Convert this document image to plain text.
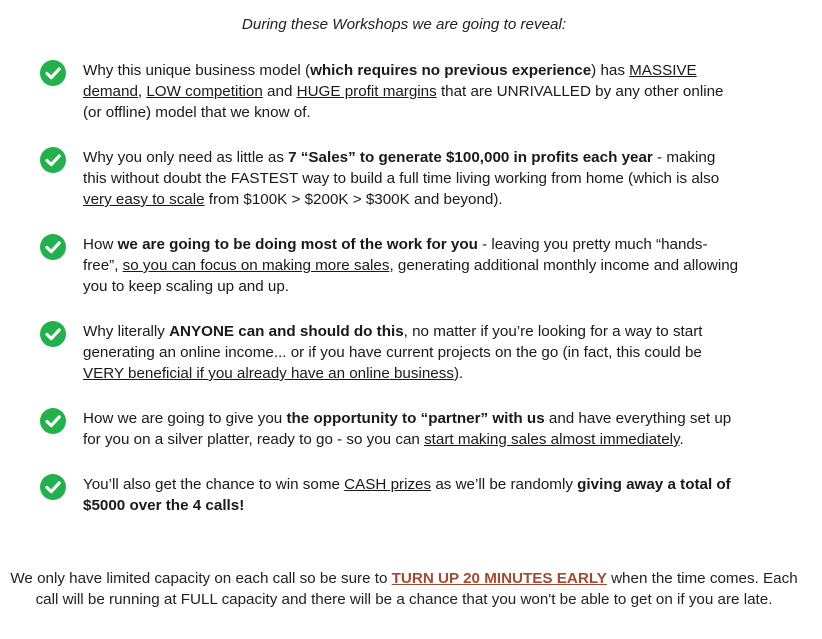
During these Workshops we are going to reveal:
Why this unique business model (which requires no previous experience) has MASSIVE demand, LOW competition and HUGE profit margins that are UNRIVALLED by any other online (or offline) model that we know of.
Why you only need as little as 7 “Sales” to generate $100,000 in profits each year - making this without doubt the FASTEST way to build a full time living working from home (which is also very easy to scale from $100K > $200K > $300K and beyond).
How we are going to be doing most of the work for you - leaving you pretty much “hands-free”, so you can focus on making more sales, generating additional monthly income and allowing you to keep scaling up and up.
Why literally ANYONE can and should do this, no matter if you’re looking for a way to start generating an online income... or if you have current projects on the go (in fact, this could be VERY beneficial if you already have an online business).
How we are going to give you the opportunity to “partner” with us and have everything set up for you on a silver platter, ready to go - so you can start making sales almost immediately.
You’ll also get the chance to win some CASH prizes as we’ll be randomly giving away a total of $5000 over the 4 calls!
We only have limited capacity on each call so be sure to TURN UP 20 MINUTES EARLY when the time comes. Each call will be running at FULL capacity and there will be a chance that you won't be able to get on if you are late.
